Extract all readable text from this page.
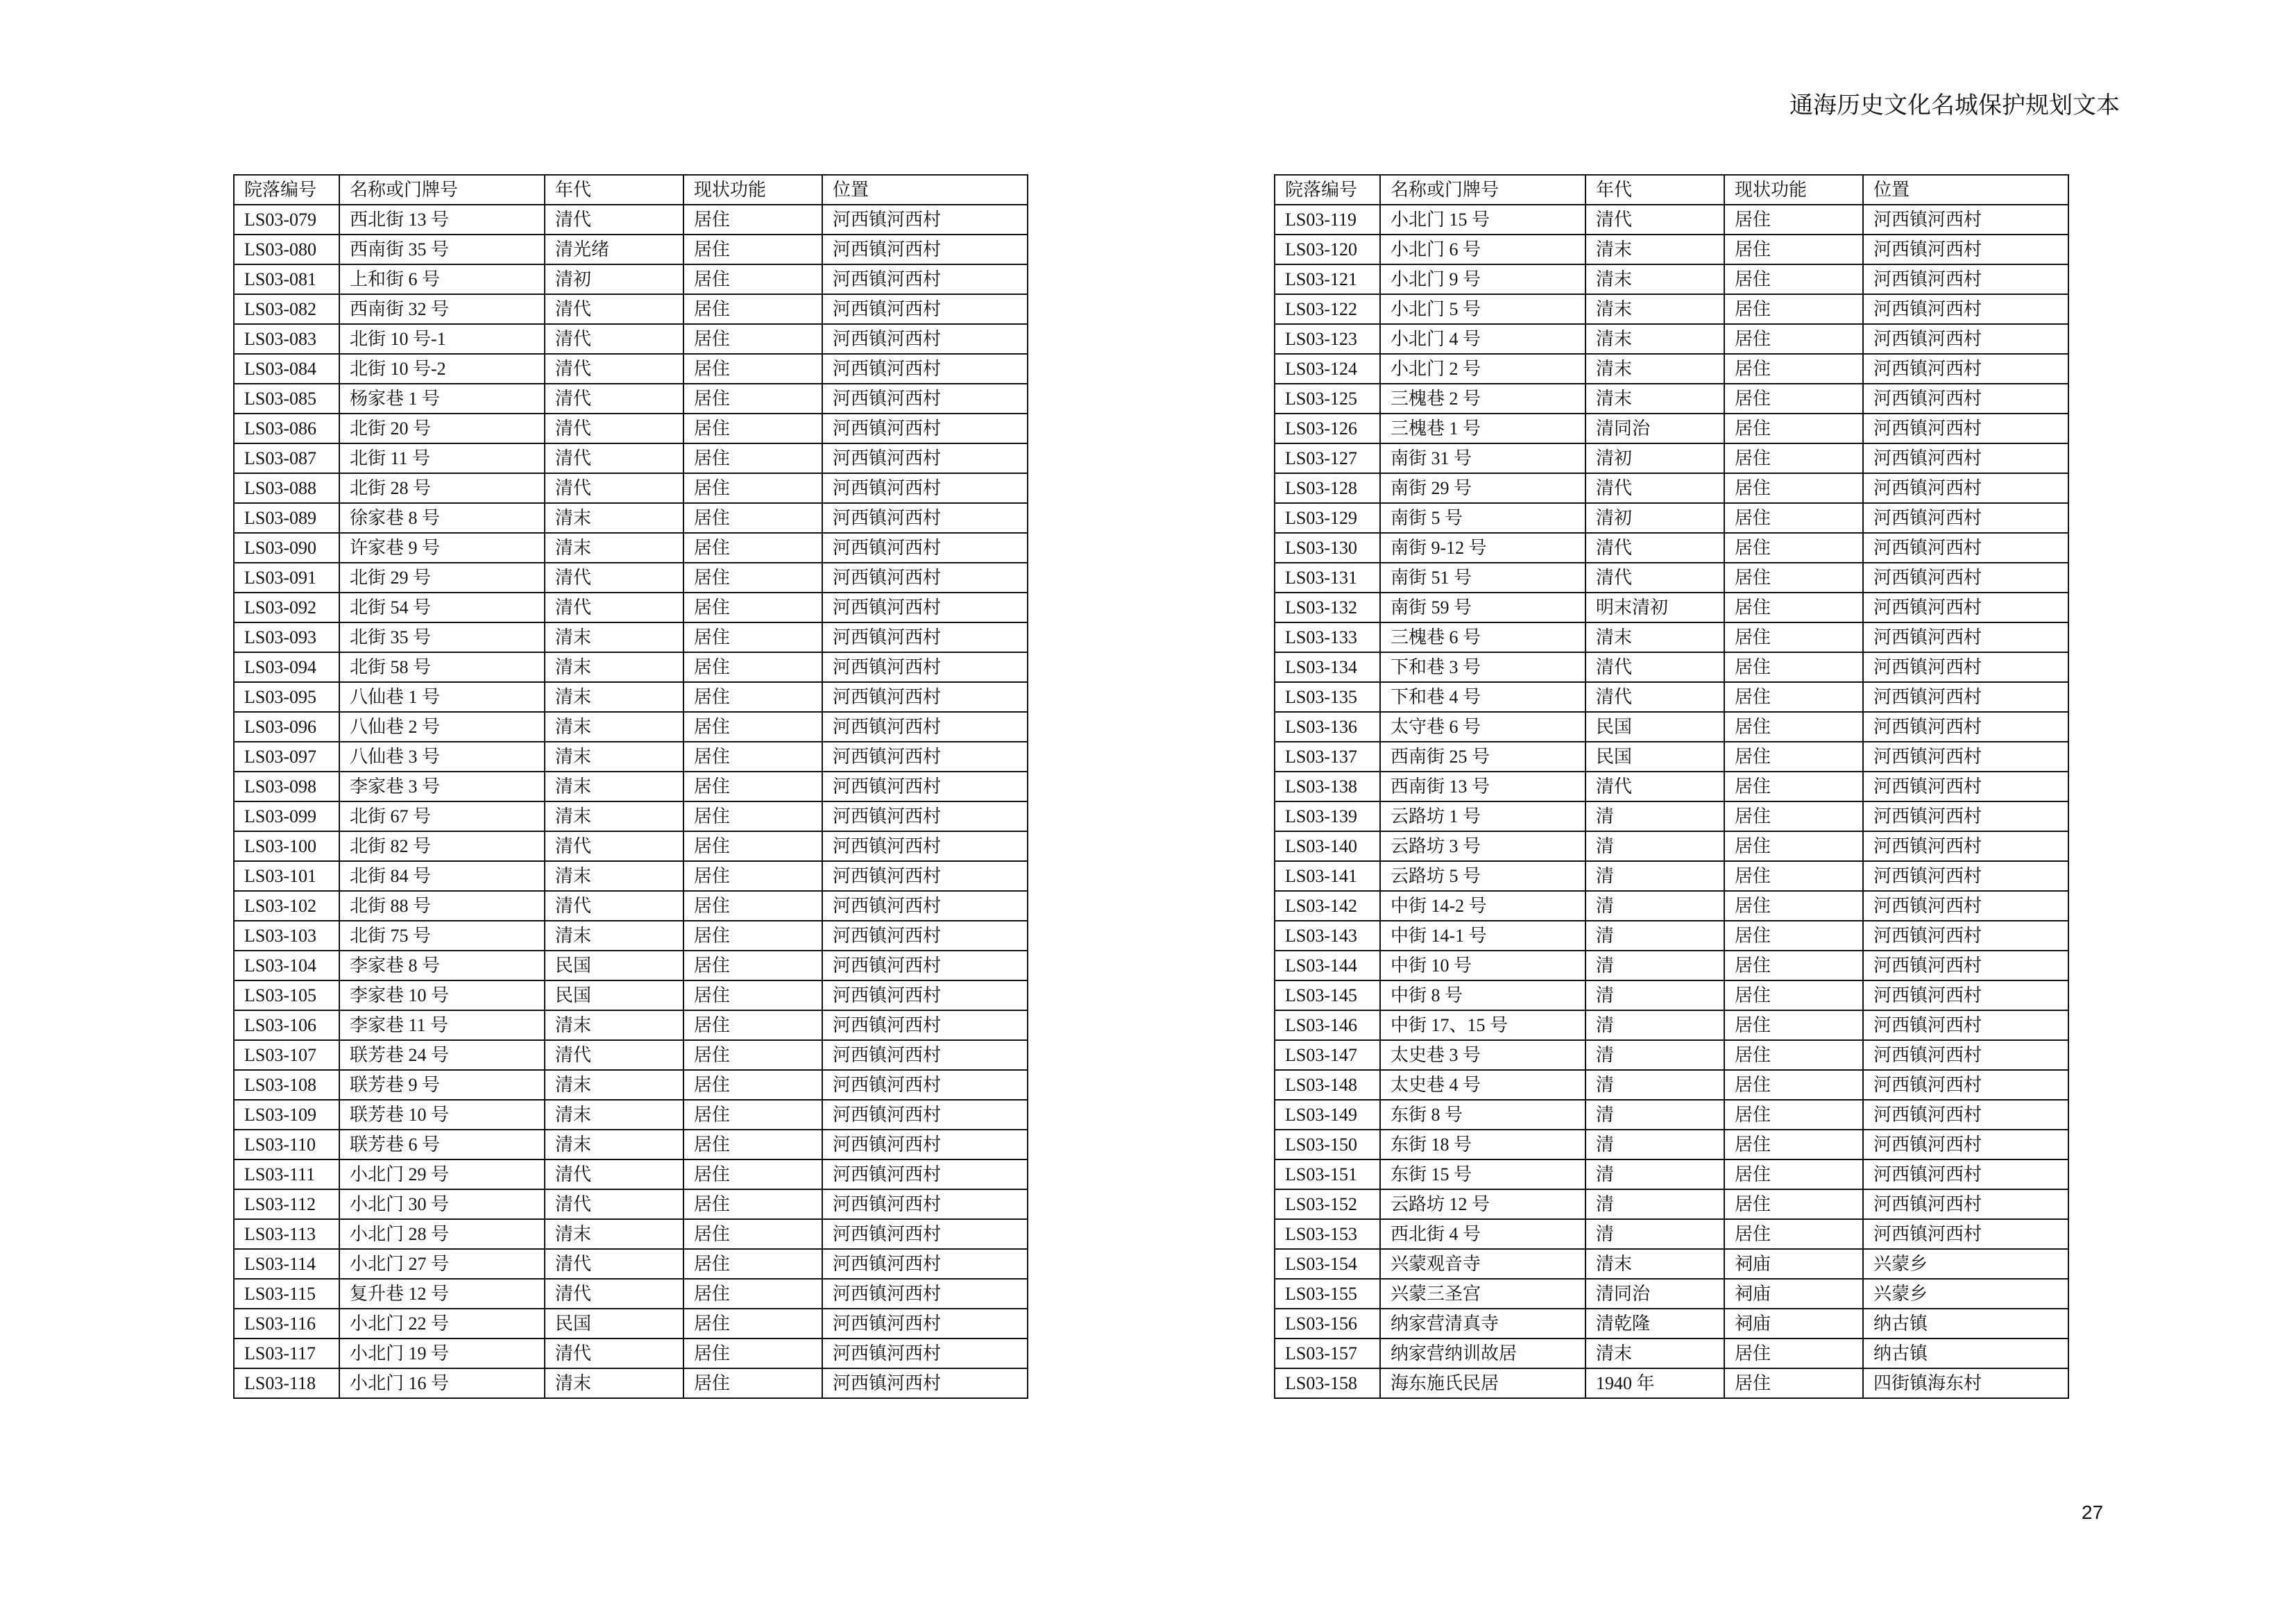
通海历史文化名城保护规划文本
院落编号	名称或门牌号	年代	现状功能	位置
LS03-079	西北街 13 号	清代	居住	河西镇河西村
LS03-080	西南街 35 号	清光绪	居住	河西镇河西村
LS03-081	上和街 6 号	清初	居住	河西镇河西村
LS03-082	西南街 32 号	清代	居住	河西镇河西村
LS03-083	北街 10 号-1	清代	居住	河西镇河西村
LS03-084	北街 10 号-2	清代	居住	河西镇河西村
LS03-085	杨家巷 1 号	清代	居住	河西镇河西村
LS03-086	北街 20 号	清代	居住	河西镇河西村
LS03-087	北街 11 号	清代	居住	河西镇河西村
LS03-088	北街 28 号	清代	居住	河西镇河西村
LS03-089	徐家巷 8 号	清末	居住	河西镇河西村
LS03-090	许家巷 9 号	清末	居住	河西镇河西村
LS03-091	北街 29 号	清代	居住	河西镇河西村
LS03-092	北街 54 号	清代	居住	河西镇河西村
LS03-093	北街 35 号	清末	居住	河西镇河西村
LS03-094	北街 58 号	清末	居住	河西镇河西村
LS03-095	八仙巷 1 号	清末	居住	河西镇河西村
LS03-096	八仙巷 2 号	清末	居住	河西镇河西村
LS03-097	八仙巷 3 号	清末	居住	河西镇河西村
LS03-098	李家巷 3 号	清末	居住	河西镇河西村
LS03-099	北街 67 号	清末	居住	河西镇河西村
LS03-100	北街 82 号	清代	居住	河西镇河西村
LS03-101	北街 84 号	清末	居住	河西镇河西村
LS03-102	北街 88 号	清代	居住	河西镇河西村
LS03-103	北街 75 号	清末	居住	河西镇河西村
LS03-104	李家巷 8 号	民国	居住	河西镇河西村
LS03-105	李家巷 10 号	民国	居住	河西镇河西村
LS03-106	李家巷 11 号	清末	居住	河西镇河西村
LS03-107	联芳巷 24 号	清代	居住	河西镇河西村
LS03-108	联芳巷 9 号	清末	居住	河西镇河西村
LS03-109	联芳巷 10 号	清末	居住	河西镇河西村
LS03-110	联芳巷 6 号	清末	居住	河西镇河西村
LS03-111	小北门 29 号	清代	居住	河西镇河西村
LS03-112	小北门 30 号	清代	居住	河西镇河西村
LS03-113	小北门 28 号	清末	居住	河西镇河西村
LS03-114	小北门 27 号	清代	居住	河西镇河西村
LS03-115	复升巷 12 号	清代	居住	河西镇河西村
LS03-116	小北门 22 号	民国	居住	河西镇河西村
LS03-117	小北门 19 号	清代	居住	河西镇河西村
LS03-118	小北门 16 号	清末	居住	河西镇河西村
院落编号	名称或门牌号	年代	现状功能	位置
LS03-119	小北门 15 号	清代	居住	河西镇河西村
LS03-120	小北门 6 号	清末	居住	河西镇河西村
LS03-121	小北门 9 号	清末	居住	河西镇河西村
LS03-122	小北门 5 号	清末	居住	河西镇河西村
LS03-123	小北门 4 号	清末	居住	河西镇河西村
LS03-124	小北门 2 号	清末	居住	河西镇河西村
LS03-125	三槐巷 2 号	清末	居住	河西镇河西村
LS03-126	三槐巷 1 号	清同治	居住	河西镇河西村
LS03-127	南街 31 号	清初	居住	河西镇河西村
LS03-128	南街 29 号	清代	居住	河西镇河西村
LS03-129	南街 5 号	清初	居住	河西镇河西村
LS03-130	南街 9-12 号	清代	居住	河西镇河西村
LS03-131	南街 51 号	清代	居住	河西镇河西村
LS03-132	南街 59 号	明末清初	居住	河西镇河西村
LS03-133	三槐巷 6 号	清末	居住	河西镇河西村
LS03-134	下和巷 3 号	清代	居住	河西镇河西村
LS03-135	下和巷 4 号	清代	居住	河西镇河西村
LS03-136	太守巷 6 号	民国	居住	河西镇河西村
LS03-137	西南街 25 号	民国	居住	河西镇河西村
LS03-138	西南街 13 号	清代	居住	河西镇河西村
LS03-139	云路坊 1 号	清	居住	河西镇河西村
LS03-140	云路坊 3 号	清	居住	河西镇河西村
LS03-141	云路坊 5 号	清	居住	河西镇河西村
LS03-142	中街 14-2 号	清	居住	河西镇河西村
LS03-143	中街 14-1 号	清	居住	河西镇河西村
LS03-144	中街 10 号	清	居住	河西镇河西村
LS03-145	中街 8 号	清	居住	河西镇河西村
LS03-146	中街 17、15 号	清	居住	河西镇河西村
LS03-147	太史巷 3 号	清	居住	河西镇河西村
LS03-148	太史巷 4 号	清	居住	河西镇河西村
LS03-149	东街 8 号	清	居住	河西镇河西村
LS03-150	东街 18 号	清	居住	河西镇河西村
LS03-151	东街 15 号	清	居住	河西镇河西村
LS03-152	云路坊 12 号	清	居住	河西镇河西村
LS03-153	西北街 4 号	清	居住	河西镇河西村
LS03-154	兴蒙观音寺	清末	祠庙	兴蒙乡
LS03-155	兴蒙三圣宫	清同治	祠庙	兴蒙乡
LS03-156	纳家营清真寺	清乾隆	祠庙	纳古镇
LS03-157	纳家营纳训故居	清末	居住	纳古镇
LS03-158	海东施氏民居	1940 年	居住	四街镇海东村
27
